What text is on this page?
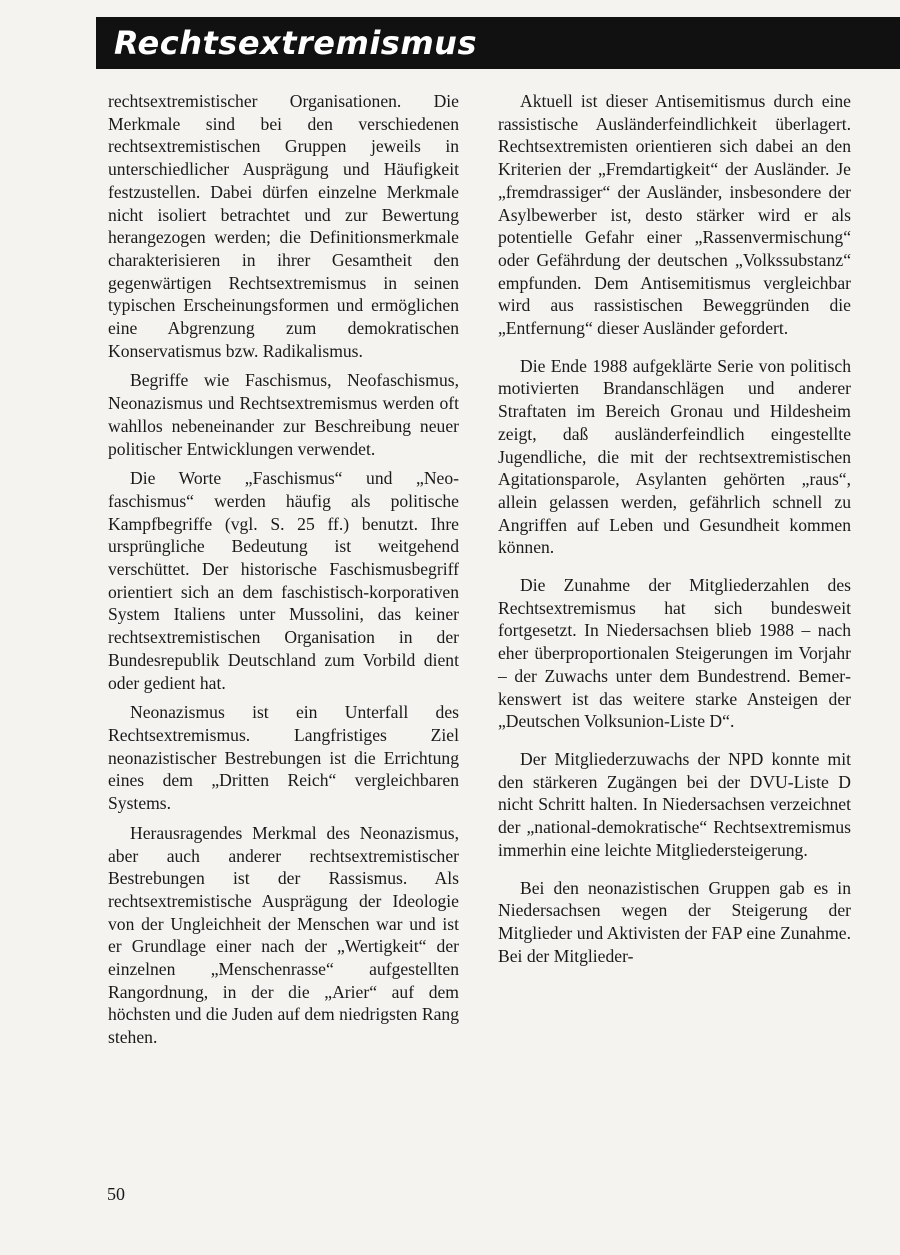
Rechtsextremismus

rechtsextremistischer Organisationen. Die Merkmale sind bei den verschiedenen rechtsextremistischen Gruppen jeweils in unterschiedlicher Ausprägung und Häufigkeit festzustellen. Dabei dürfen einzelne Merkmale nicht isoliert betrachtet und zur Bewertung herangezogen werden; die Definitionsmerkmale charakterisieren in ihrer Gesamtheit den gegenwärtigen Rechtsextremismus in seinen typischen Erscheinungsformen und ermöglichen eine Abgrenzung zum demokratischen Konservatismus bzw. Radikalismus.

Begriffe wie Faschismus, Neofaschismus, Neonazismus und Rechtsextremismus werden oft wahllos nebeneinander zur Beschreibung neuer politischer Entwicklungen verwendet.

Die Worte „Faschismus“ und „Neofaschismus“ werden häufig als politische Kampfbegriffe (vgl. S. 25 ff.) benutzt. Ihre ursprüngliche Bedeutung ist weitgehend verschüttet. Der historische Faschismusbegriff orientiert sich an dem faschistisch-korporativen System Italiens unter Mussolini, das keiner rechtsextremistischen Organisation in der Bundesrepublik Deutschland zum Vorbild dient oder gedient hat.

Neonazismus ist ein Unterfall des Rechtsextremismus. Langfristiges Ziel neonazistischer Bestrebungen ist die Errichtung eines dem „Dritten Reich“ vergleichbaren Systems.

Herausragendes Merkmal des Neonazismus, aber auch anderer rechtsextremistischer Bestrebungen ist der Rassismus. Als rechtsextremistische Ausprägung der Ideologie von der Ungleichheit der Menschen war und ist er Grundlage einer nach der „Wertigkeit“ der einzelnen „Menschenrasse“ aufgestellten Rangordnung, in der die „Arier“ auf dem höchsten und die Juden auf dem niedrigsten Rang stehen.

Aktuell ist dieser Antisemitismus durch eine rassistische Ausländerfeindlichkeit überlagert. Rechtsextremisten orientieren sich dabei an den Kriterien der „Fremdartigkeit“ der Ausländer. Je „fremdrassiger“ der Ausländer, insbesondere der Asylbewerber ist, desto stärker wird er als potentielle Gefahr einer „Rassenvermischung“ oder Gefährdung der deutschen „Volkssubstanz“ empfunden. Dem Antisemitismus vergleichbar wird aus rassistischen Beweggründen die „Entfernung“ dieser Ausländer gefordert.

Die Ende 1988 aufgeklärte Serie von politisch motivierten Brandanschlägen und anderer Straftaten im Bereich Gronau und Hildesheim zeigt, daß ausländerfeindlich eingestellte Jugendliche, die mit der rechtsextremistischen Agitationsparole, Asylanten gehörten „raus“, allein gelassen werden, gefährlich schnell zu Angriffen auf Leben und Gesundheit kommen können.

Die Zunahme der Mitgliederzahlen des Rechtsextremismus hat sich bundesweit fortgesetzt. In Niedersachsen blieb 1988 – nach eher überproportionalen Steigerungen im Vorjahr – der Zuwachs unter dem Bundestrend. Bemerkenswert ist das weitere starke Ansteigen der „Deutschen Volksunion-Liste D“.

Der Mitgliederzuwachs der NPD konnte mit den stärkeren Zugängen bei der DVU-Liste D nicht Schritt halten. In Niedersachsen verzeichnet der „national-demokratische“ Rechtsextremismus immerhin eine leichte Mitgliedersteigerung.

Bei den neonazistischen Gruppen gab es in Niedersachsen wegen der Steigerung der Mitglieder und Aktivisten der FAP eine Zunahme. Bei der Mitglieder-

50
